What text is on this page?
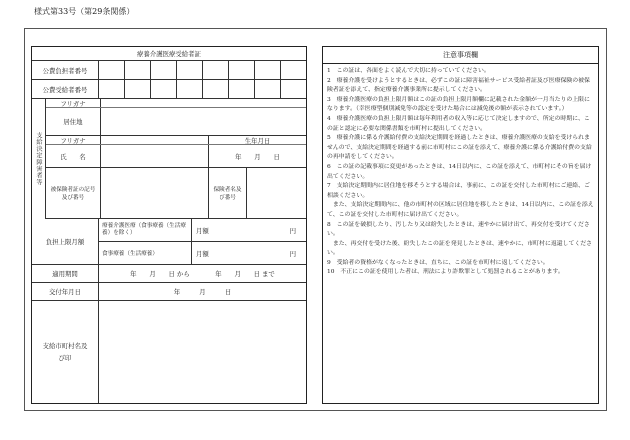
様式第33号（第29条関係）
療養介護医療受給者証
公費負担者番号
公費受給者番号
支給決定障害者等
フリガナ
居住地
フリガナ	生年月日
氏　　名	年　　月　　日
被保険者証の記号及び番号
保険者名及び番号
負担上限月額
療養介護医療（食事療養（生活療養）を除く）	月額	円
食事療養（生活療養）	月額	円
適用期間	年　　月　　日 から　　　　年　　月　　日 まで
交付年月日	年　　　月　　　日
支給市町村名及び印
注意事項欄

1　この証は、各面をよく読んで大切に持っていてください。

2　療養介護を受けようとするときは、必ずこの証に障害福祉サービス受給者証及び医療保険の被保険者証を添えて、指定療養介護事業所に提示してください。

3　療養介護医療の負担上限月額はこの証の負担上限月額欄に記載された金額が一月当たりの上限になります。（幸医療型個別減免等の認定を受けた場合には減免後の額が表示されています。）

4　療養介護医療の負担上限月額は毎年利用者の収入等に応じて決定しますので、所定の時期に、この証と認定に必要な関係書類を市町村に提出してください。

5　療養介護に係る介護給付費の支給決定期間を経過したときは、療養介護医療の支給を受けられませんので、支給決定期間を経過する前に市町村にこの証を添えて、療養介護に係る介護給付費の支給の再申請をしてください。

6　この証の記載事項に変更があったときは、14日以内に、この証を添えて、市町村にその旨を届け出てください。

7　支給決定期間内に居住地を移そうとする場合は、事前に、この証を交付した市町村にご連絡、ご相談ください。

　また、支給決定期間内に、他の市町村の区域に居住地を移したときは、14日以内に、この証を添えて、この証を交付した市町村に届け出てください。

8　この証を破損したり、汚したり又は紛失したときは、速やかに届け出て、再交付を受けてください。

　また、再交付を受けた後、紛失したこの証を発見したときは、速やかに、市町村に返還してください。

9　受給者の資格がなくなったときは、直ちに、この証を市町村に返してください。

10　不正にこの証を使用した者は、刑法により詐欺罪として処罰されることがあります。
